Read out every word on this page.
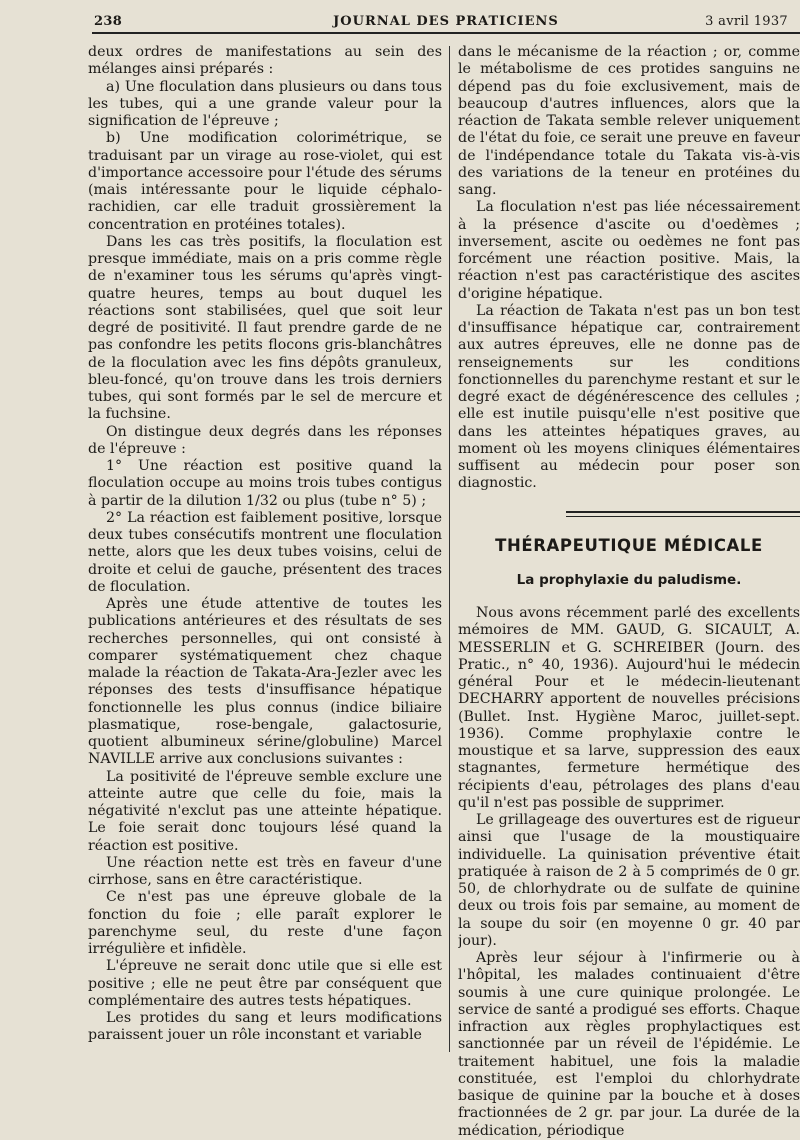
238	JOURNAL DES PRATICIENS	3 avril 1937

deux ordres de manifestations au sein des mélanges ainsi préparés :

a) Une floculation dans plusieurs ou dans tous les tubes, qui a une grande valeur pour la signification de l'épreuve ;

b) Une modification colorimétrique, se traduisant par un virage au rose-violet, qui est d'importance accessoire pour l'étude des sérums (mais intéressante pour le liquide céphalo-rachidien, car elle traduit grossièrement la concentration en protéines totales).

Dans les cas très positifs, la floculation est presque immédiate, mais on a pris comme règle de n'examiner tous les sérums qu'après vingt-quatre heures, temps au bout duquel les réactions sont stabilisées, quel que soit leur degré de positivité. Il faut prendre garde de ne pas confondre les petits flocons gris-blanchâtres de la floculation avec les fins dépôts granuleux, bleu-foncé, qu'on trouve dans les trois derniers tubes, qui sont formés par le sel de mercure et la fuchsine.

On distingue deux degrés dans les réponses de l'épreuve :

1° Une réaction est positive quand la floculation occupe au moins trois tubes contigus à partir de la dilution 1/32 ou plus (tube n° 5) ;

2° La réaction est faiblement positive, lorsque deux tubes consécutifs montrent une floculation nette, alors que les deux tubes voisins, celui de droite et celui de gauche, présentent des traces de floculation.

Après une étude attentive de toutes les publications antérieures et des résultats de ses recherches personnelles, qui ont consisté à comparer systématiquement chez chaque malade la réaction de Takata-Ara-Jezler avec les réponses des tests d'insuffisance hépatique fonctionnelle les plus connus (indice biliaire plasmatique, rose-bengale, galactosurie, quotient albumineux sérine/globuline) Marcel NAVILLE arrive aux conclusions suivantes :

La positivité de l'épreuve semble exclure une atteinte autre que celle du foie, mais la négativité n'exclut pas une atteinte hépatique. Le foie serait donc toujours lésé quand la réaction est positive.

Une réaction nette est très en faveur d'une cirrhose, sans en être caractéristique.

Ce n'est pas une épreuve globale de la fonction du foie ; elle paraît explorer le parenchyme seul, du reste d'une façon irrégulière et infidèle.

L'épreuve ne serait donc utile que si elle est positive ; elle ne peut être par conséquent que complémentaire des autres tests hépatiques.

Les protides du sang et leurs modifications paraissent jouer un rôle inconstant et variable

dans le mécanisme de la réaction ; or, comme le métabolisme de ces protides sanguins ne dépend pas du foie exclusivement, mais de beaucoup d'autres influences, alors que la réaction de Takata semble relever uniquement de l'état du foie, ce serait une preuve en faveur de l'indépendance totale du Takata vis-à-vis des variations de la teneur en protéines du sang.

La floculation n'est pas liée nécessairement à la présence d'ascite ou d'oedèmes ; inversement, ascite ou oedèmes ne font pas forcément une réaction positive. Mais, la réaction n'est pas caractéristique des ascites d'origine hépatique.

La réaction de Takata n'est pas un bon test d'insuffisance hépatique car, contrairement aux autres épreuves, elle ne donne pas de renseignements sur les conditions fonctionnelles du parenchyme restant et sur le degré exact de dégénérescence des cellules ; elle est inutile puisqu'elle n'est positive que dans les atteintes hépatiques graves, au moment où les moyens cliniques élémentaires suffisent au médecin pour poser son diagnostic.

THÉRAPEUTIQUE MÉDICALE
La prophylaxie du paludisme.

Nous avons récemment parlé des excellents mémoires de MM. GAUD, G. SICAULT, A. MESSERLIN et G. SCHREIBER (Journ. des Pratic., n° 40, 1936). Aujourd'hui le médecin général Pour et le médecin-lieutenant DECHARRY apportent de nouvelles précisions (Bullet. Inst. Hygiène Maroc, juillet-sept. 1936). Comme prophylaxie contre le moustique et sa larve, suppression des eaux stagnantes, fermeture hermétique des récipients d'eau, pétrolages des plans d'eau qu'il n'est pas possible de supprimer.

Le grillageage des ouvertures est de rigueur ainsi que l'usage de la moustiquaire individuelle. La quinisation préventive était pratiquée à raison de 2 à 5 comprimés de 0 gr. 50, de chlorhydrate ou de sulfate de quinine deux ou trois fois par semaine, au moment de la soupe du soir (en moyenne 0 gr. 40 par jour).

Après leur séjour à l'infirmerie ou à l'hôpital, les malades continuaient d'être soumis à une cure quinique prolongée. Le service de santé a prodigué ses efforts. Chaque infraction aux règles prophylactiques est sanctionnée par un réveil de l'épidémie. Le traitement habituel, une fois la maladie constituée, est l'emploi du chlorhydrate basique de quinine par la bouche et à doses fractionnées de 2 gr. par jour. La durée de la médication, périodique
